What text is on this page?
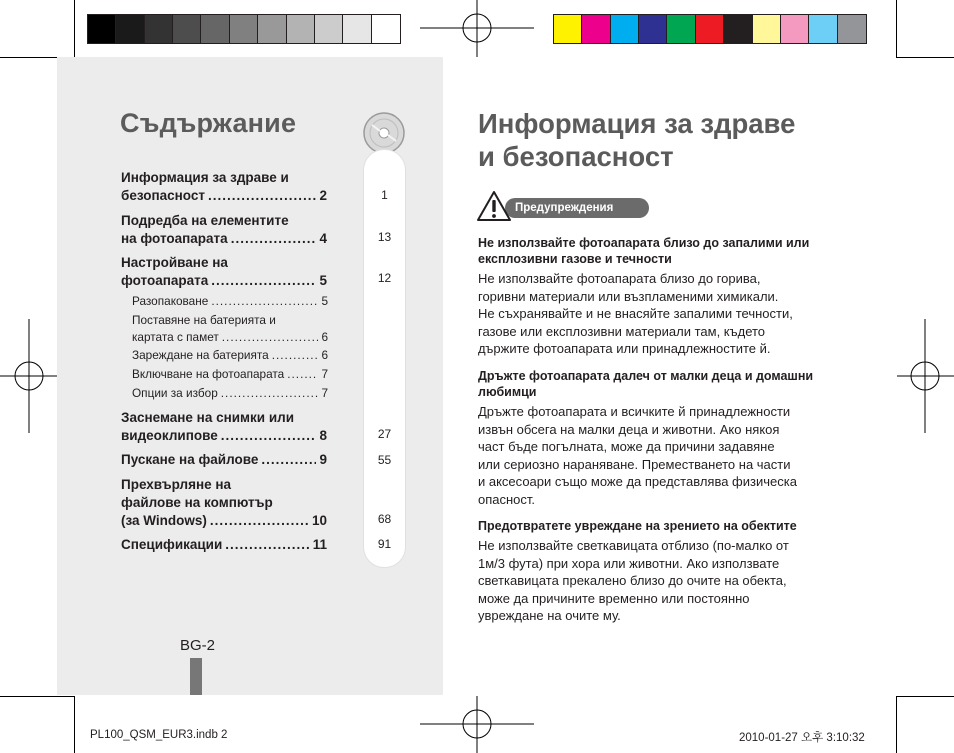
Съдържание
Информация за здраве и
безопасност .....	2
Подредба на елементите
на фотоапарата .....	4
Настройване на
фотоапарата .....	5
Разопаковане .....	5
Поставяне на батерията и
картата с памет .....	6
Зареждане на батерията .....	6
Включване на фотоапарата .....	7
Опции за избор .....	7
Заснемане на снимки или
видеоклипове .....	8
Пускане на файлове .....	9
Прехвърляне на
файлове на компютър
(за Windows) .....	10
Спецификации .....	11
1
13
12
27
55
68
91
BG-2
Информация за здраве
и безопасност
Предупреждения
Не използвайте фотоапарата близо до запалими или експлозивни газове и течности

Не използвайте фотоапарата близо до горива,
горивни материали или възпламеними химикали.
Не съхранявайте и не внасяйте запалими течности,
газове или експлозивни материали там, където
държите фотоапарата или принадлежностите й.

Дръжте фотоапарата далеч от малки деца и домашни любимци

Дръжте фотоапарата и всичките й принадлежности
извън обсега на малки деца и животни. Ако някоя
част бъде погълната, може да причини задавяне
или сериозно нараняване. Преместването на части
и аксесоари също може да представлява физическа
опасност.

Предотвратете увреждане на зрението на обектите

Не използвайте светкавицата отблизо (по-малко от
1м/3 фута) при хора или животни. Ако използвате
светкавицата прекалено близо до очите на обекта,
може да причините временно или постоянно
увреждане на очите му.

PL100_QSM_EUR3.indb 2	2010-01-27 오후 3:10:32
